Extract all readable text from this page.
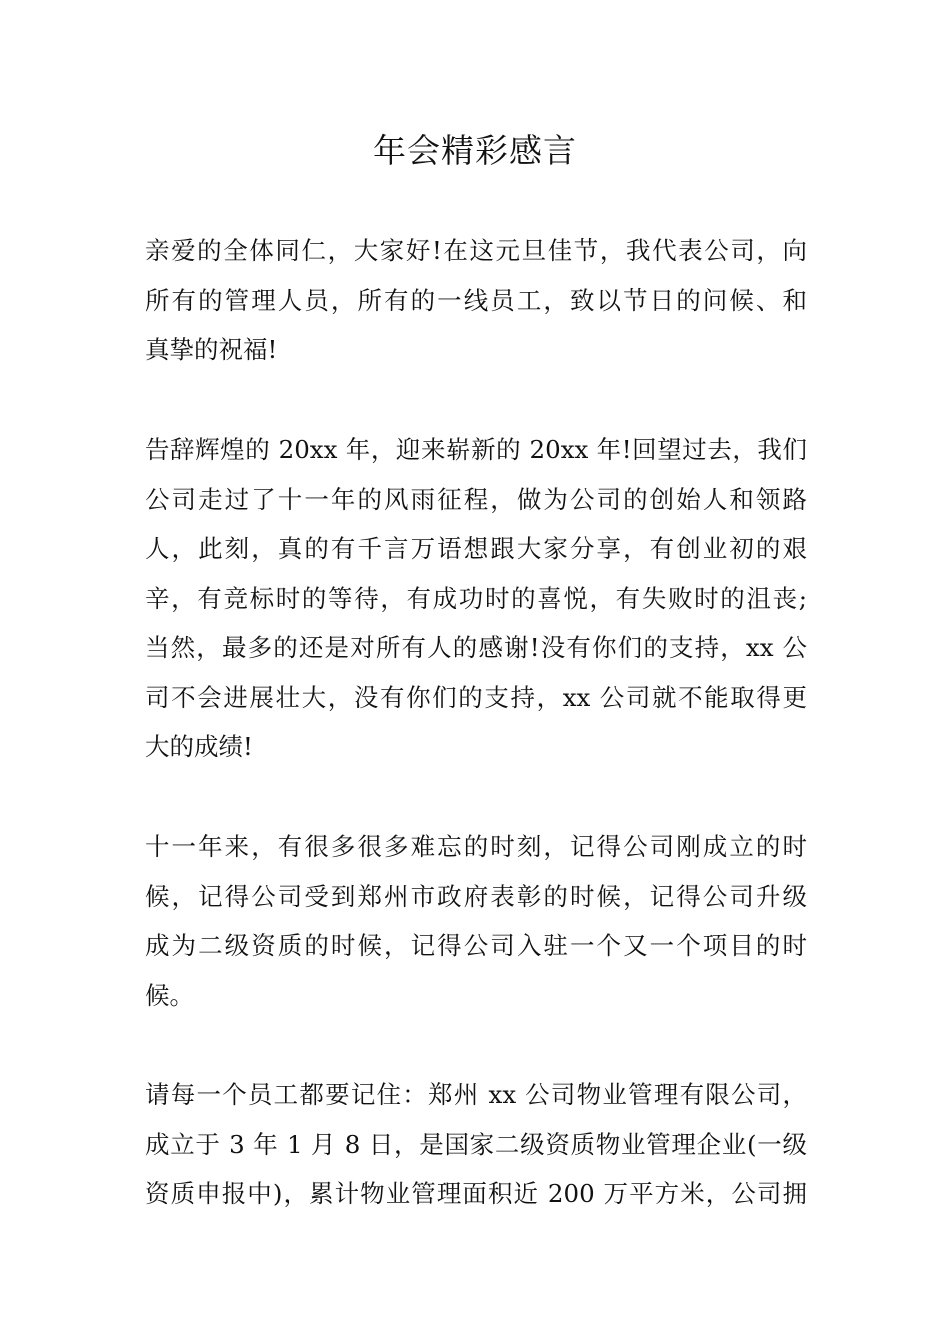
年会精彩感言
亲爱的全体同仁，大家好!在这元旦佳节，我代表公司，向
所有的管理人员，所有的一线员工，致以节日的问候、和
真挚的祝福!
告辞辉煌的 20xx 年，迎来崭新的 20xx 年!回望过去，我们
公司走过了十一年的风雨征程，做为公司的创始人和领路
人，此刻，真的有千言万语想跟大家分享，有创业初的艰
辛，有竞标时的等待，有成功时的喜悦，有失败时的沮丧;
当然，最多的还是对所有人的感谢!没有你们的支持，xx 公
司不会进展壮大，没有你们的支持，xx 公司就不能取得更
大的成绩!
十一年来，有很多很多难忘的时刻，记得公司刚成立的时
候，记得公司受到郑州市政府表彰的时候，记得公司升级
成为二级资质的时候，记得公司入驻一个又一个项目的时
候。
请每一个员工都要记住：郑州 xx 公司物业管理有限公司，
成立于 3 年 1 月 8 日，是国家二级资质物业管理企业(一级
资质申报中)，累计物业管理面积近 200 万平方米，公司拥
